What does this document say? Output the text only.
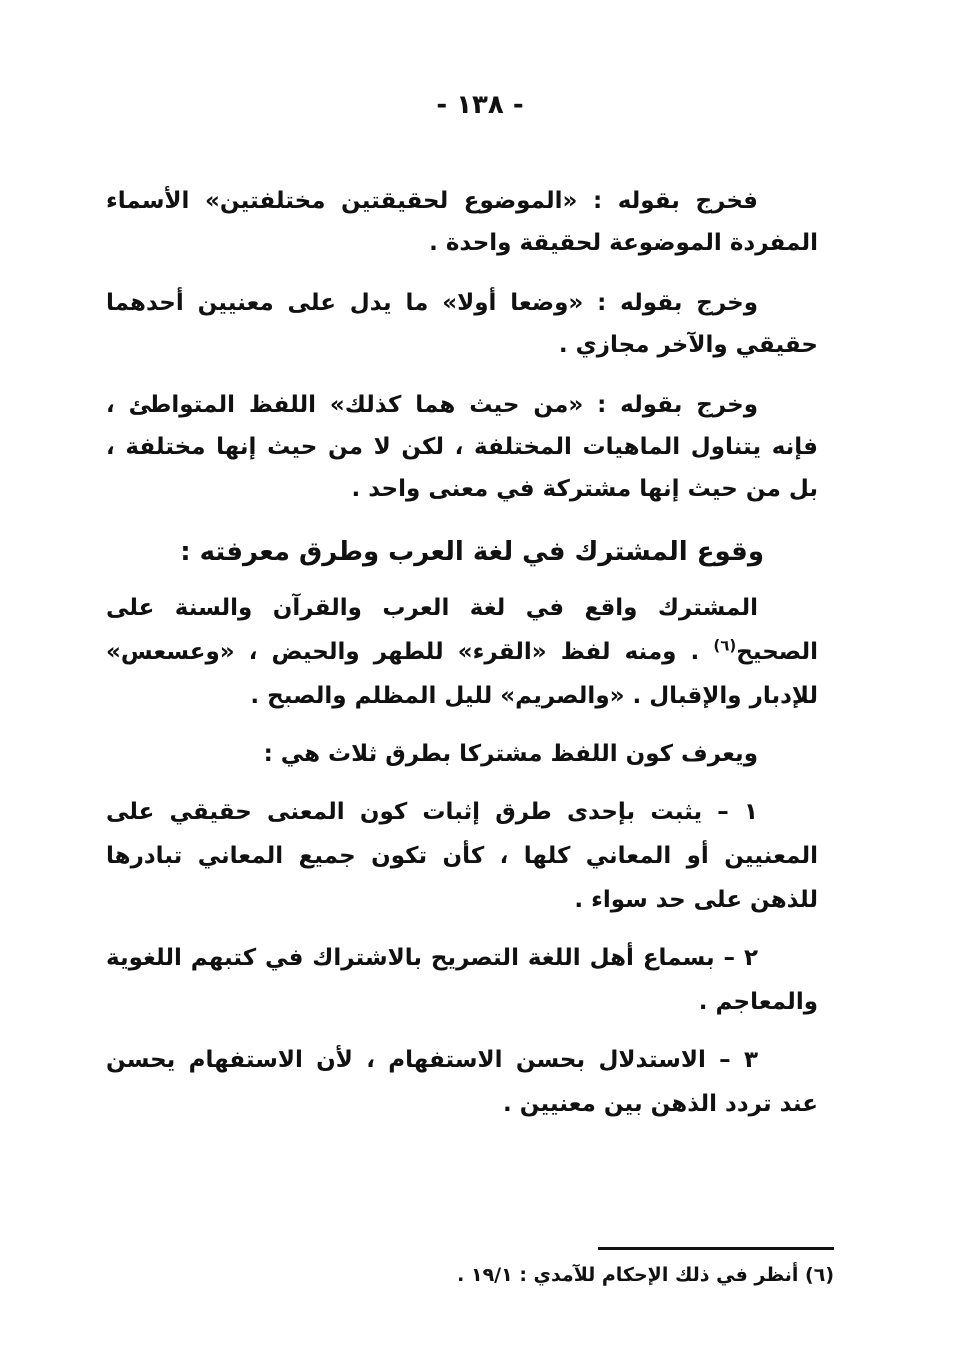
- ١٣٨ -

فخرج بقوله : «الموضوع لحقيقتين مختلفتين» الأسماء المفردة الموضوعة لحقيقة واحدة .

وخرج بقوله : «وضعا أولا» ما يدل على معنيين أحدهما حقيقي والآخر مجازي .

وخرج بقوله : «من حيث هما كذلك» اللفظ المتواطئ ، فإنه يتناول الماهيات المختلفة ، لكن لا من حيث إنها مختلفة ، بل من حيث إنها مشتركة في معنى واحد .

وقوع المشترك في لغة العرب وطرق معرفته :

المشترك واقع في لغة العرب والقرآن والسنة على الصحيح$^{(٦)}$ . ومنه لفظ «القرء» للطهر والحيض ، «وعسعس» للإدبار والإقبال . «والصريم» لليل المظلم والصبح .

ويعرف كون اللفظ مشتركا بطرق ثلاث هي :

١ – يثبت بإحدى طرق إثبات كون المعنى حقيقي على المعنيين أو المعاني كلها ، كأن تكون جميع المعاني تبادرها للذهن على حد سواء .

٢ – بسماع أهل اللغة التصريح بالاشتراك في كتبهم اللغوية والمعاجم .

٣ – الاستدلال بحسن الاستفهام ، لأن الاستفهام يحسن عند تردد الذهن بين معنيين .

(٦) أنظر في ذلك الإحكام للآمدي : ١٩/١ .
